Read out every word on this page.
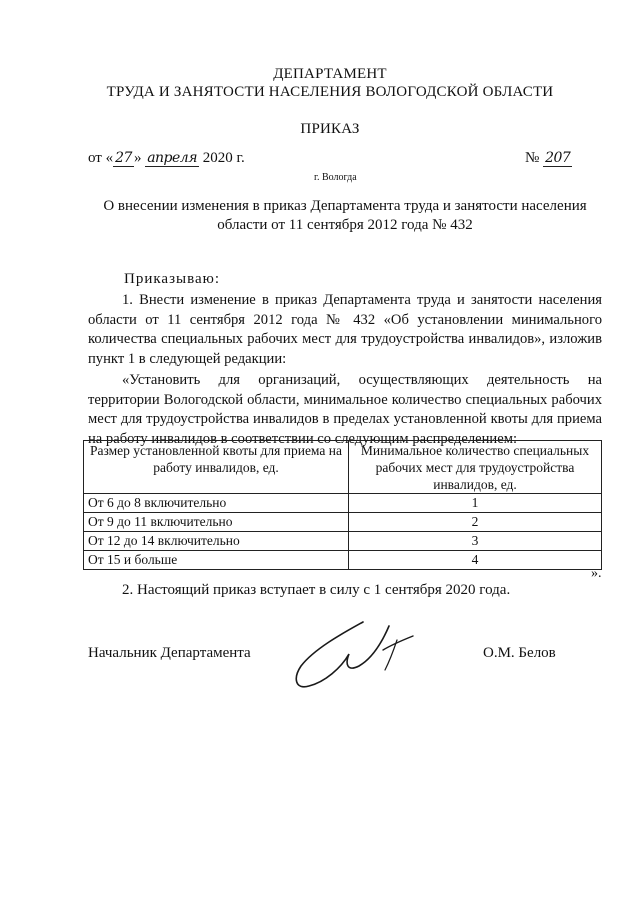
ДЕПАРТАМЕНТ
ТРУДА И ЗАНЯТОСТИ НАСЕЛЕНИЯ ВОЛОГОДСКОЙ ОБЛАСТИ
ПРИКАЗ
от « 27 » апреля 2020 г.	№ 207
г. Вологда
О внесении изменения в приказ Департамента труда и занятости населения области от 11 сентября 2012 года № 432
Приказываю:
1. Внести изменение в приказ Департамента труда и занятости населения области от 11 сентября 2012 года № 432 «Об установлении минимального количества специальных рабочих мест для трудоустройства инвалидов», изложив пункт 1 в следующей редакции:
«Установить для организаций, осуществляющих деятельность на территории Вологодской области, минимальное количество специальных рабочих мест для трудоустройства инвалидов в пределах установленной квоты для приема на работу инвалидов в соответствии со следующим распределением:
Размер установленной квоты для приема на работу инвалидов, ед.	Минимальное количество специальных рабочих мест для трудоустройства инвалидов, ед.
От 6 до 8 включительно	1
От 9 до 11 включительно	2
От 12 до 14 включительно	3
От 15 и больше	4
».
2. Настоящий приказ вступает в силу с 1 сентября 2020 года.
Начальник Департамента	О.М. Белов
